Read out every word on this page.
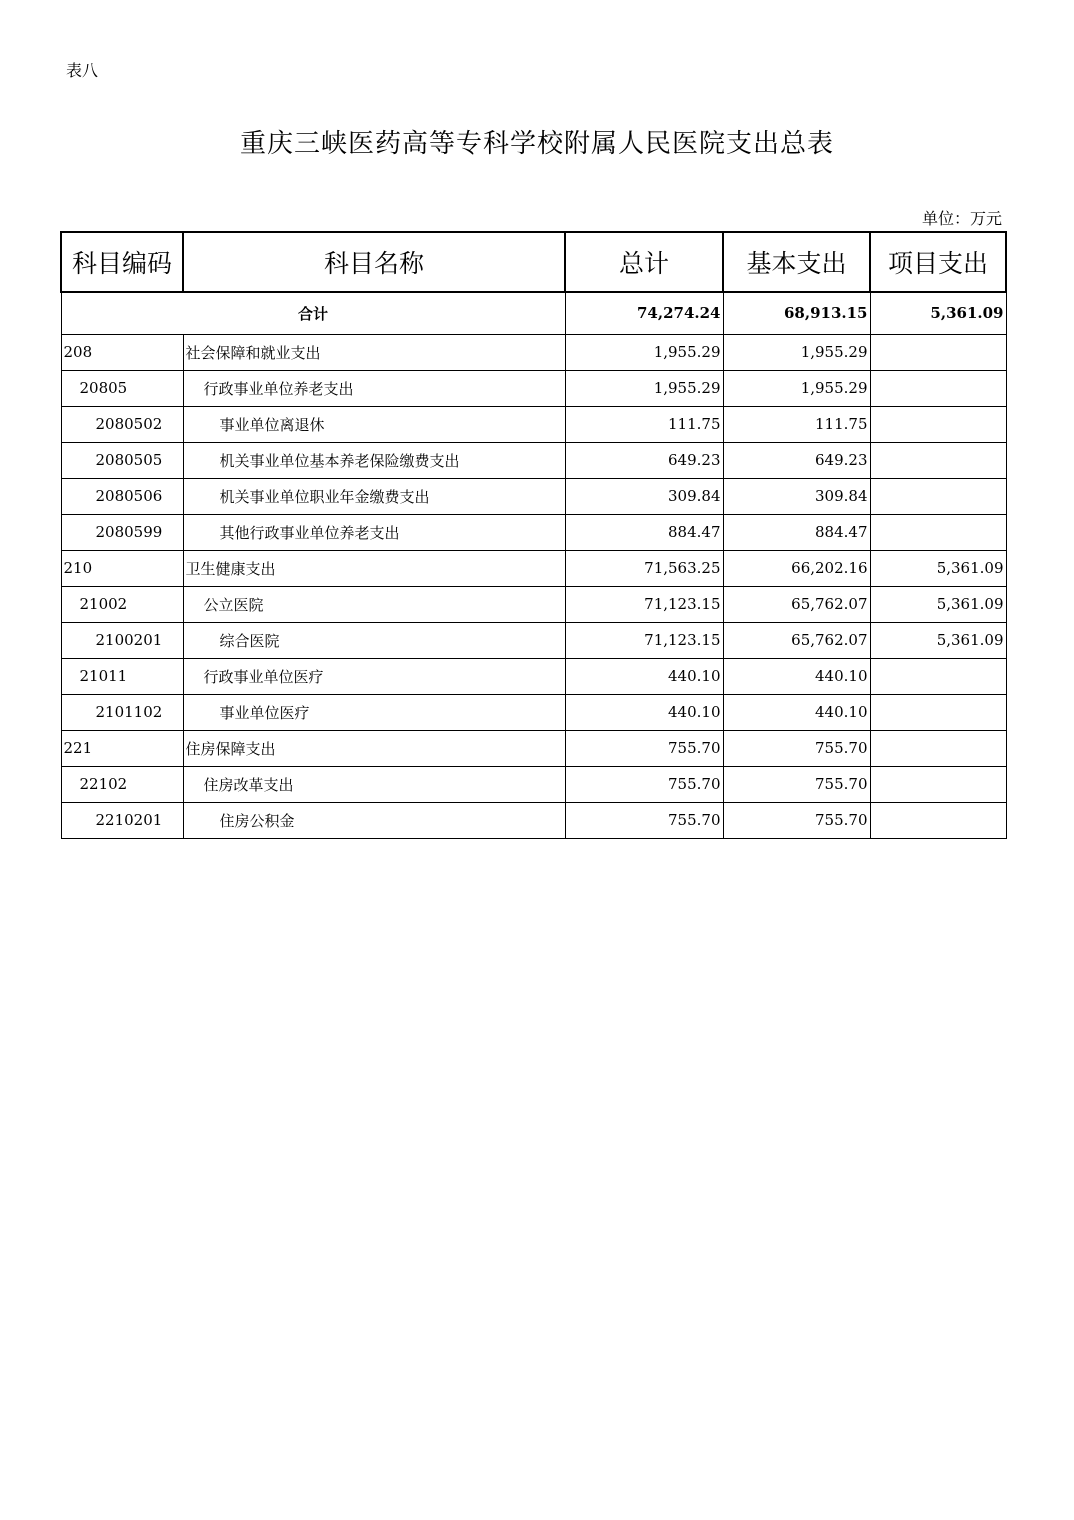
表八
重庆三峡医药高等专科学校附属人民医院支出总表
单位：万元
科目编码	科目名称	总计	基本支出	项目支出
合计		74,274.24	68,913.15	5,361.09
208	社会保障和就业支出	1,955.29	1,955.29	
20805	行政事业单位养老支出	1,955.29	1,955.29	
2080502	事业单位离退休	111.75	111.75	
2080505	机关事业单位基本养老保险缴费支出	649.23	649.23	
2080506	机关事业单位职业年金缴费支出	309.84	309.84	
2080599	其他行政事业单位养老支出	884.47	884.47	
210	卫生健康支出	71,563.25	66,202.16	5,361.09
21002	公立医院	71,123.15	65,762.07	5,361.09
2100201	综合医院	71,123.15	65,762.07	5,361.09
21011	行政事业单位医疗	440.10	440.10	
2101102	事业单位医疗	440.10	440.10	
221	住房保障支出	755.70	755.70	
22102	住房改革支出	755.70	755.70	
2210201	住房公积金	755.70	755.70	
